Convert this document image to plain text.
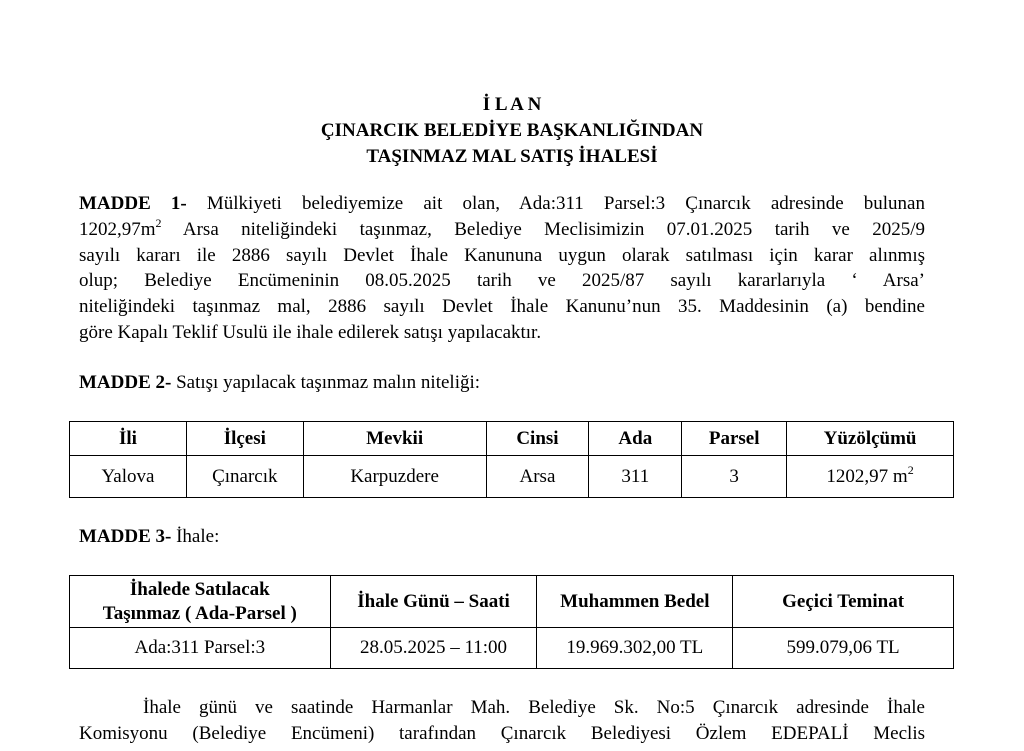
İ L A N
ÇINARCIK BELEDİYE BAŞKANLIĞINDAN
TAŞINMAZ MAL SATIŞ İHALESİ
MADDE 1- Mülkiyeti belediyemize ait olan, Ada:311 Parsel:3 Çınarcık adresinde bulunan
$1202,97m^2$ Arsa niteliğindeki taşınmaz, Belediye Meclisimizin 07.01.2025 tarih ve 2025/9
sayılı kararı ile 2886 sayılı Devlet İhale Kanununa uygun olarak satılması için karar alınmış
olup; Belediye Encümeninin 08.05.2025 tarih ve 2025/87 sayılı kararlarıyla ‘ Arsa’
niteliğindeki taşınmaz mal, 2886 sayılı Devlet İhale Kanunu’nun 35. Maddesinin (a) bendine
göre Kapalı Teklif Usulü ile ihale edilerek satışı yapılacaktır.
MADDE 2- Satışı yapılacak taşınmaz malın niteliği:
İli	İlçesi	Mevkii	Cinsi	Ada	Parsel	Yüzölçümü
Yalova	Çınarcık	Karpuzdere	Arsa	311	3	1202,97 $m^2$
MADDE 3- İhale:
İhalede Satılacak
Taşınmaz ( Ada-Parsel )	İhale Günü – Saati	Muhammen Bedel	Geçici Teminat
Ada:311 Parsel:3	28.05.2025 – 11:00	19.969.302,00 TL	599.079,06 TL
İhale günü ve saatinde Harmanlar Mah. Belediye Sk. No:5 Çınarcık adresinde İhale
Komisyonu (Belediye Encümeni) tarafından Çınarcık Belediyesi Özlem EDEPALİ Meclis
